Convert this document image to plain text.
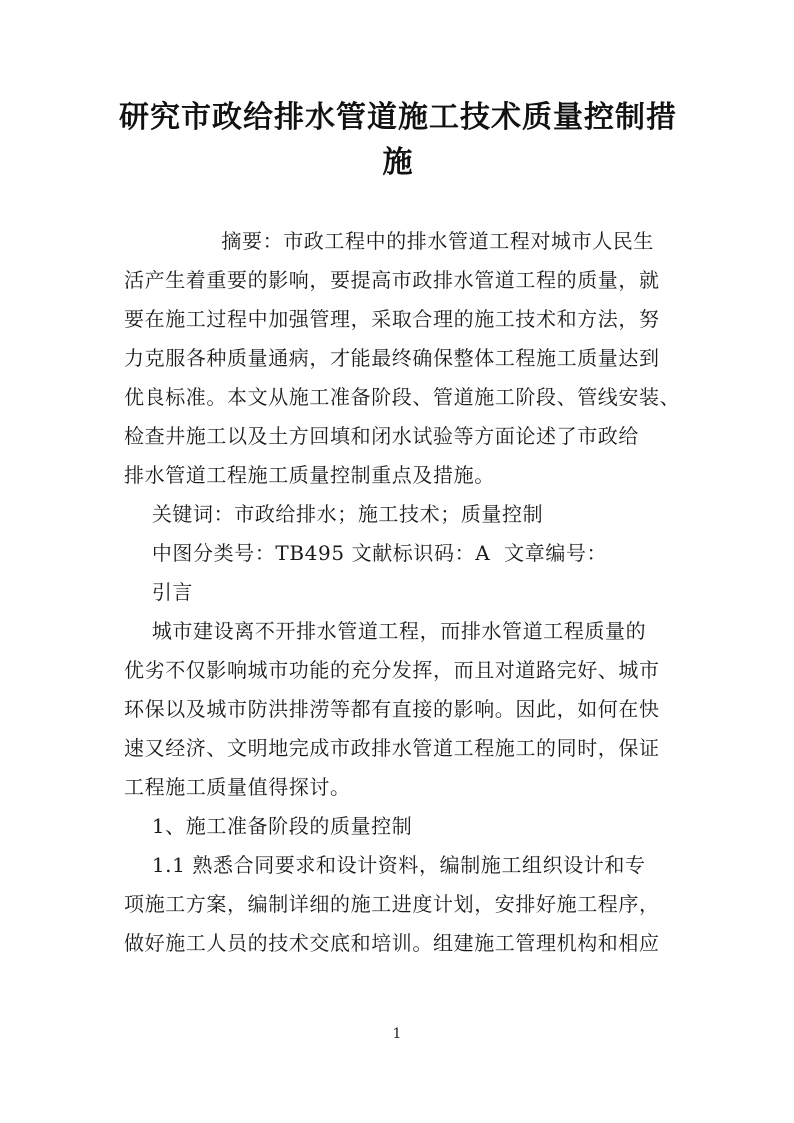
研究市政给排水管道施工技术质量控制措
施
摘要：市政工程中的排水管道工程对城市人民生
活产生着重要的影响，要提高市政排水管道工程的质量，就
要在施工过程中加强管理，采取合理的施工技术和方法，努
力克服各种质量通病，才能最终确保整体工程施工质量达到
优良标准。本文从施工准备阶段、管道施工阶段、管线安装、
检查井施工以及土方回填和闭水试验等方面论述了市政给
排水管道工程施工质量控制重点及措施。
关键词：市政给排水；施工技术；质量控制
中图分类号：TB495 文献标识码：A  文章编号：
引言
城市建设离不开排水管道工程，而排水管道工程质量的
优劣不仅影响城市功能的充分发挥，而且对道路完好、城市
环保以及城市防洪排涝等都有直接的影响。因此，如何在快
速又经济、文明地完成市政排水管道工程施工的同时，保证
工程施工质量值得探讨。
1、施工准备阶段的质量控制
1.1 熟悉合同要求和设计资料，编制施工组织设计和专
项施工方案，编制详细的施工进度计划，安排好施工程序，
做好施工人员的技术交底和培训。组建施工管理机构和相应
1
